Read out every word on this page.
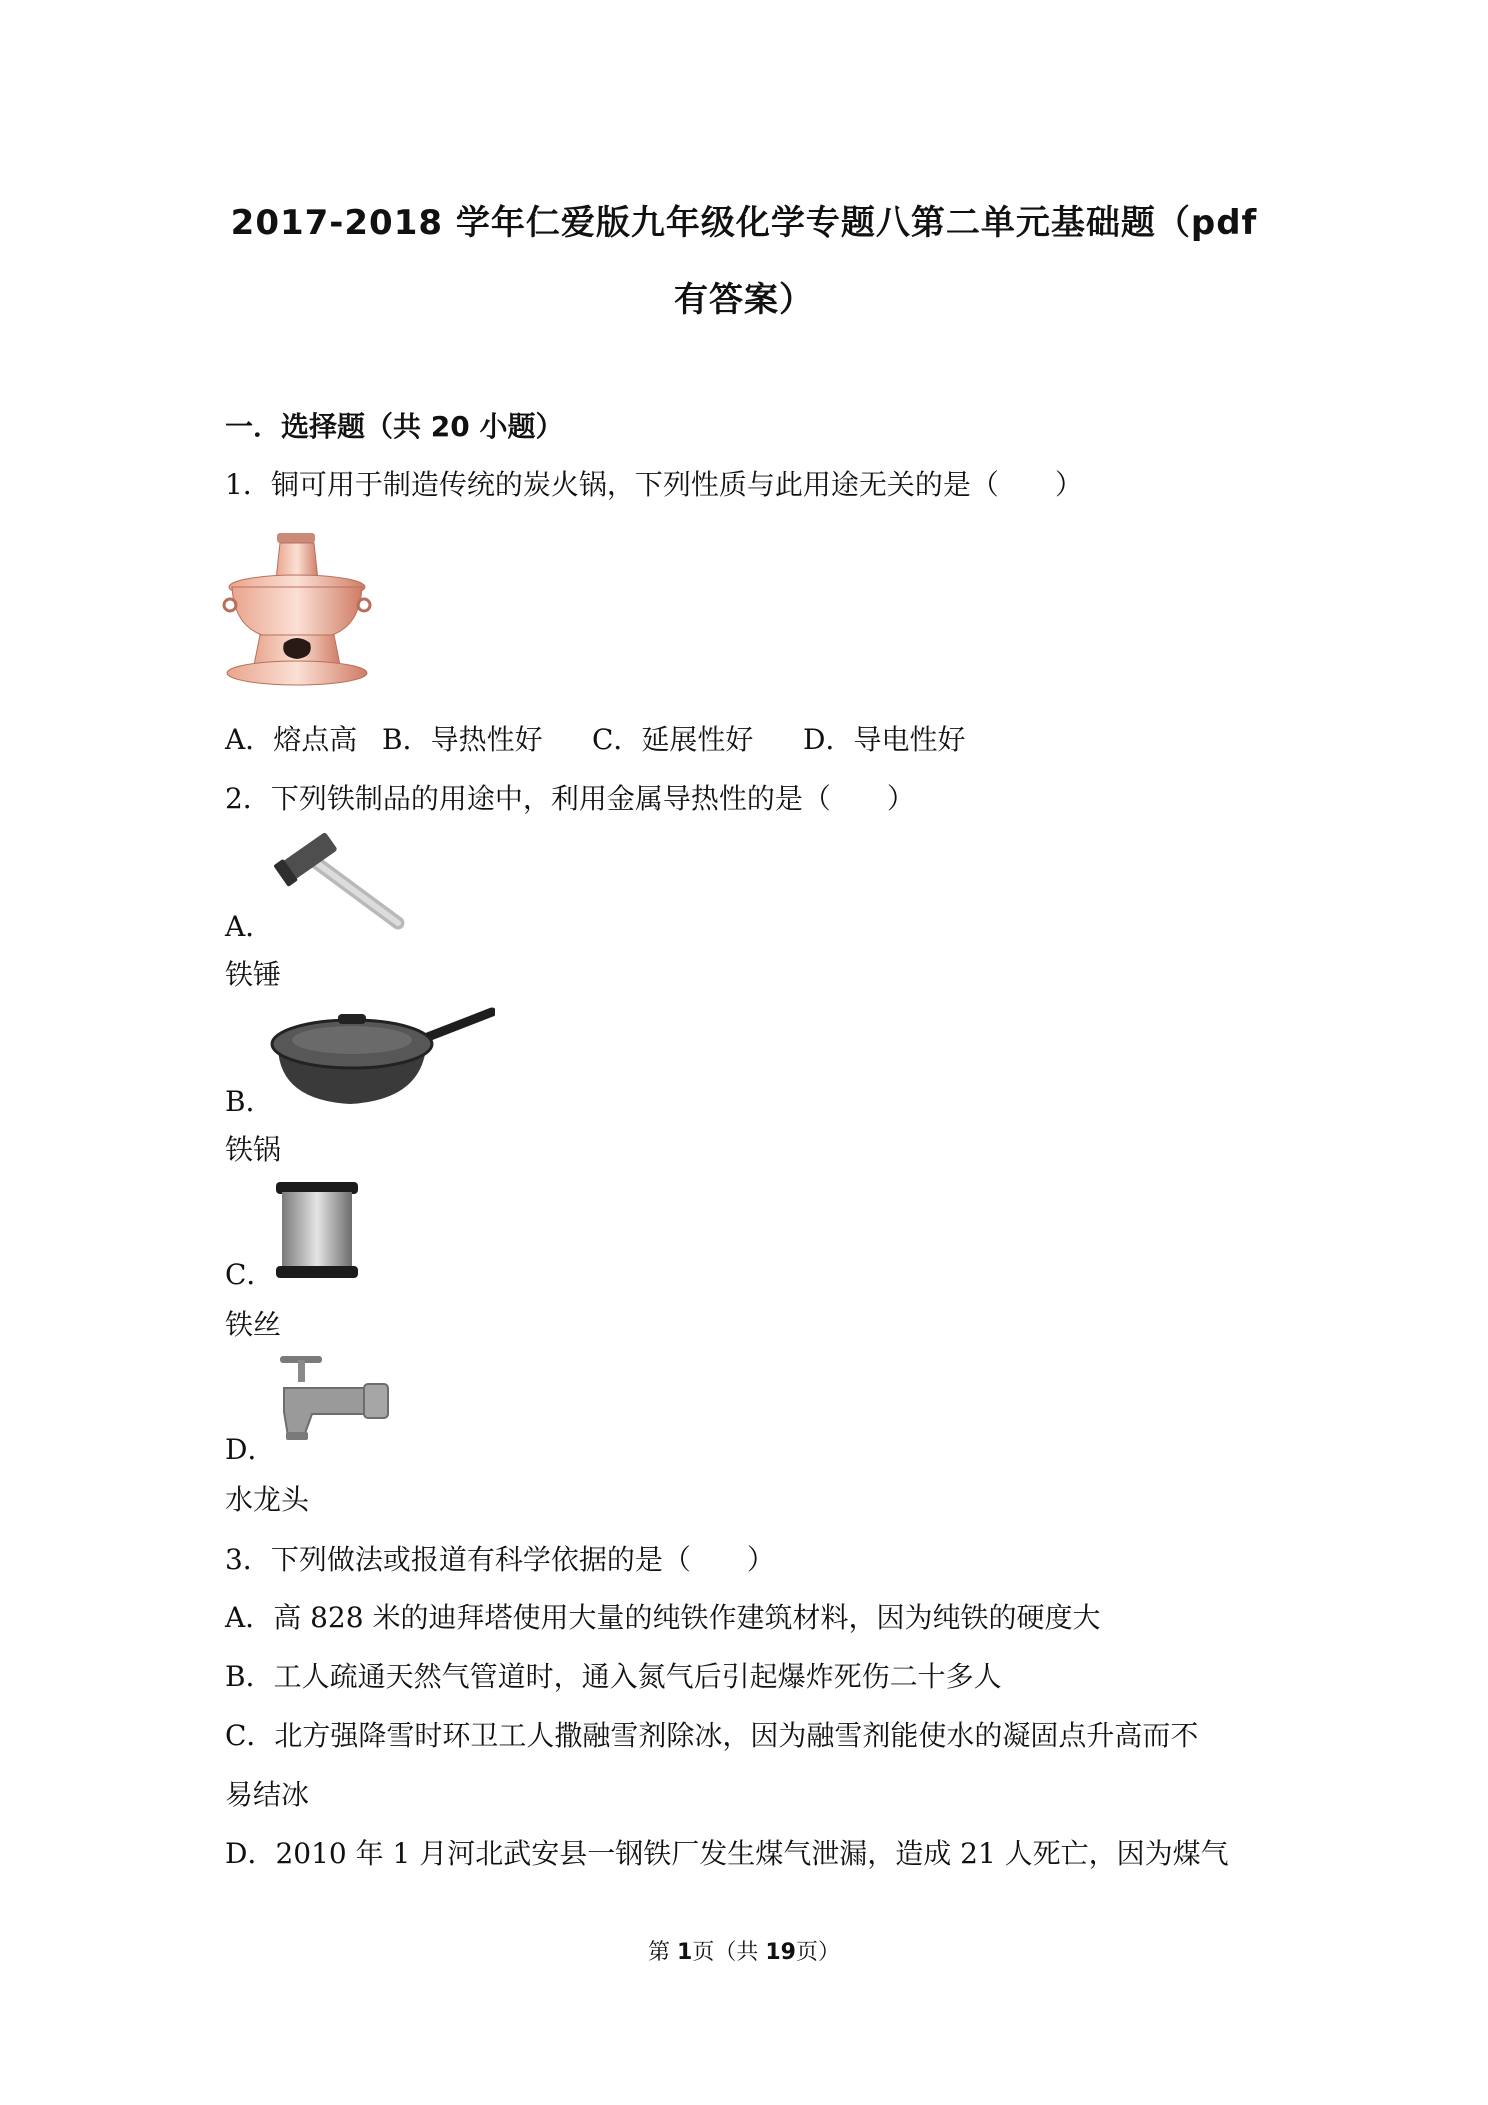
2017-2018 学年仁爱版九年级化学专题八第二单元基础题（pdf
有答案）
一．选择题（共 20 小题）
1．铜可用于制造传统的炭火锅，下列性质与此用途无关的是（　　）
A．熔点高 B．导热性好 C．延展性好 D．导电性好
2．下列铁制品的用途中，利用金属导热性的是（　　）
A．
铁锤
B．
铁锅
C．
铁丝
D．
水龙头
3．下列做法或报道有科学依据的是（　　）
A．高 828 米的迪拜塔使用大量的纯铁作建筑材料，因为纯铁的硬度大
B．工人疏通天然气管道时，通入氮气后引起爆炸死伤二十多人
C．北方强降雪时环卫工人撒融雪剂除冰，因为融雪剂能使水的凝固点升高而不
易结冰
D．2010 年 1 月河北武安县一钢铁厂发生煤气泄漏，造成 21 人死亡，因为煤气
第 1页（共 19页）
